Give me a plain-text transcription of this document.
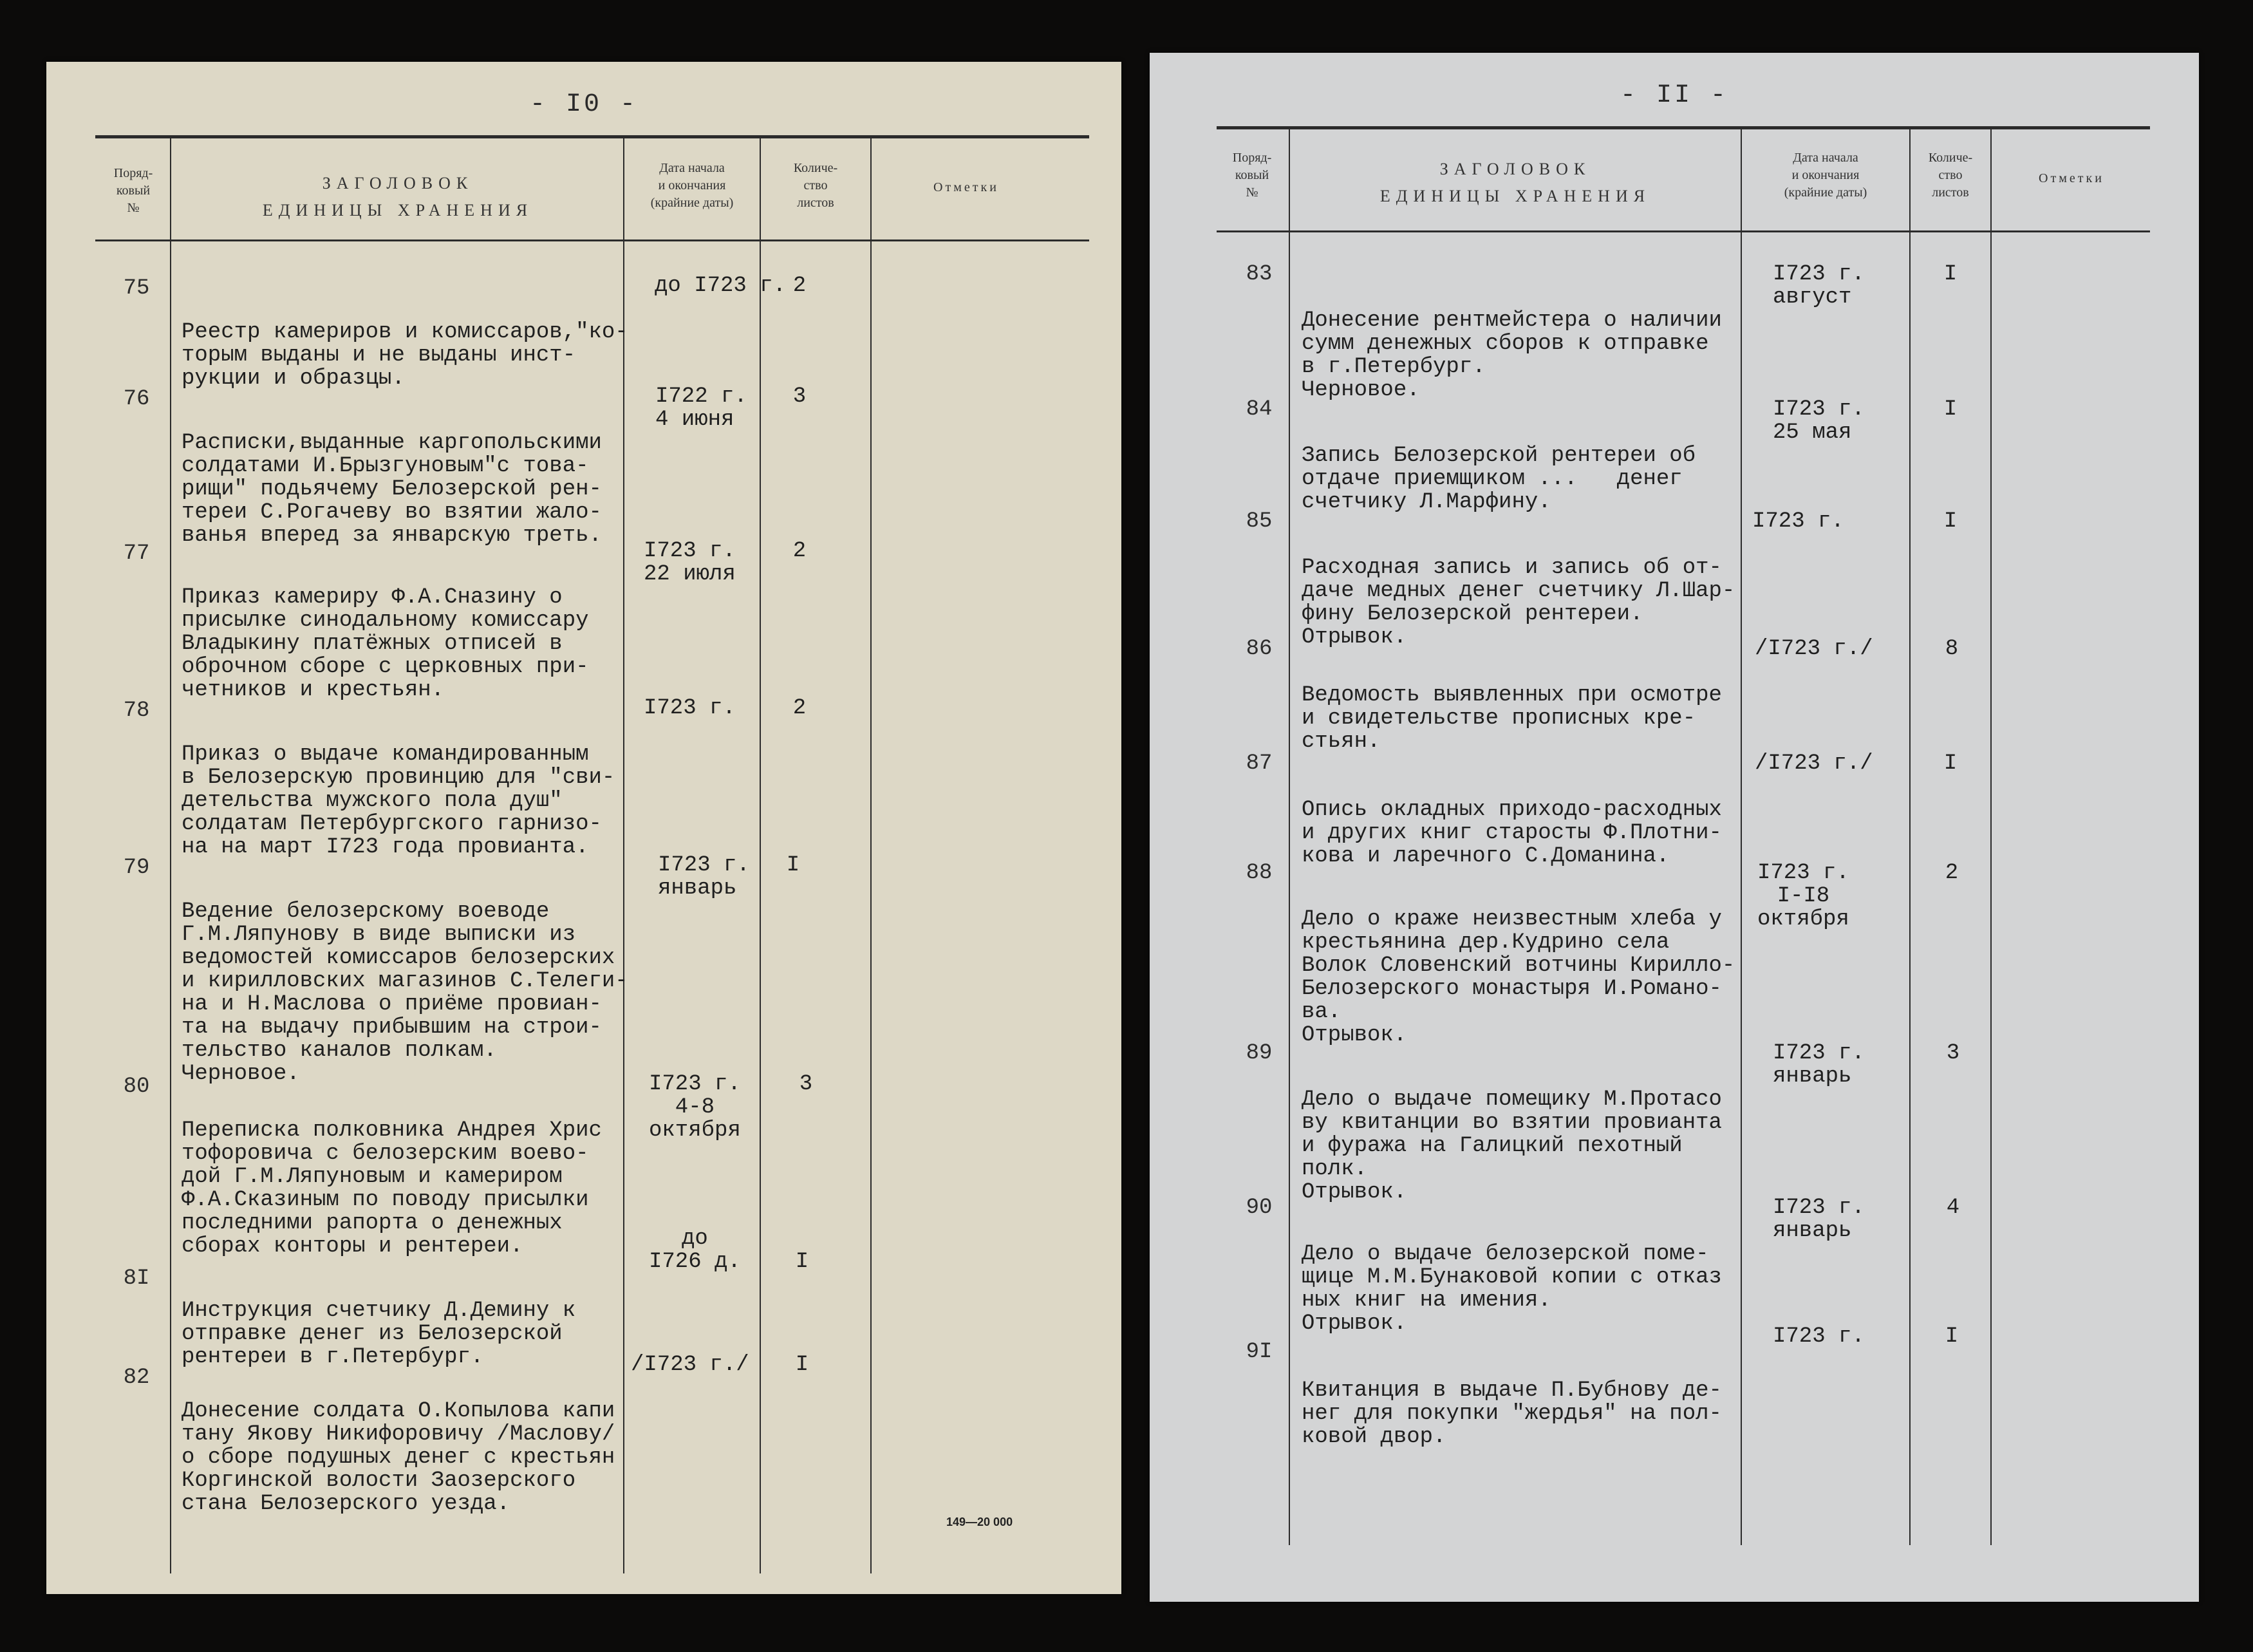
- I0 -
Поряд-
ковый
№
ЗАГОЛОВОК
ЕДИНИЦЫ ХРАНЕНИЯ
Дата начала
и окончания
(крайние даты)
Количе-
ство
листов
Отметки
75

Реестр камериров и комиссаров,"ко-
торым выданы и не выданы инст-
рукции и образцы.

до I723 г. 2
76

Расписки,выданные каргопольскими
солдатами И.Брызгуновым"с това-
рищи" подьячему Белозерской рен-
тереи С.Рогачеву во взятии жало-
ванья вперед за январскую треть.

I722 г.
4 июня
3
77

Приказ камериру Ф.А.Сназину о
присылке синодальному комиссару
Владыкину платёжных отписей в
оброчном сборе с церковных при-
четников и крестьян.

I723 г.
22 июля
2
78

Приказ о выдаче командированным
в Белозерскую провинцию для "сви-
детельства мужского пола душ"
солдатам Петербургского гарнизо-
на на март I723 года провианта.

I723 г.	2
79

Ведение белозерскому воеводе
Г.М.Ляпунову в виде выписки из
ведомостей комиссаров белозерских
и кирилловских магазинов С.Телеги-
на и Н.Маслова о приёме провиан-
та на выдачу прибывшим на строи-
тельство каналов полкам.
Черновое.

I723 г.
январь
I
80

Переписка полковника Андрея Хрис
тофоровича с белозерским воево-
дой Г.М.Ляпуновым и камериром
Ф.А.Сказиным по поводу присылки
последними рапорта о денежных
сборах конторы и рентереи.

I723 г.
4-8
октября
3
8I

Инструкция счетчику Д.Демину к
отправке денег из Белозерской
рентереи в г.Петербург.

до
I726 д.	I
82

Донесение солдата О.Копылова капи
тану Якову Никифоровичу /Маслову/
о сборе подушных денег с крестьян
Коргинской волости Заозерского
стана Белозерского уезда.

/I723 г./	I
149—20 000
- II -
Поряд-
ковый
№
ЗАГОЛОВОК
ЕДИНИЦЫ ХРАНЕНИЯ
Дата начала
и окончания
(крайние даты)
Количе-
ство
листов
Отметки
83

Донесение рентмейстера о наличии
сумм денежных сборов к отправке
в г.Петербург.
Черновое.

I723 г.
август
I
84

Запись Белозерской рентереи об
отдаче приемщиком ...   денег
счетчику Л.Марфину.

I723 г.
25 мая
I
85

Расходная запись и запись об от-
даче медных денег счетчику Л.Шар-
фину Белозерской рентереи.
Отрывок.

I723 г.	I
86

Ведомость выявленных при осмотре
и свидетельстве прописных кре-
стьян.

/I723 г./	8
87

Опись окладных приходо-расходных
и других книг старосты Ф.Плотни-
кова и ларечного С.Доманина.

/I723 г./	I
88

Дело о краже неизвестным хлеба у
крестьянина дер.Кудрино села
Волок Словенский вотчины Кирилло-
Белозерского монастыря И.Романо-
ва.
Отрывок.

I723 г.
I-I8
октября
2
89

Дело о выдаче помещику М.Протасо
ву квитанции во взятии провианта
и фуража на Галицкий пехотный
полк.
Отрывок.

I723 г.
январь
3
90

Дело о выдаче белозерской поме-
щице М.М.Бунаковой копии с отказ
ных книг на имения.
Отрывок.

I723 г.
январь
4
9I

Квитанция в выдаче П.Бубнову де-
нег для покупки "жердья" на пол-
ковой двор.

I723 г.	I
